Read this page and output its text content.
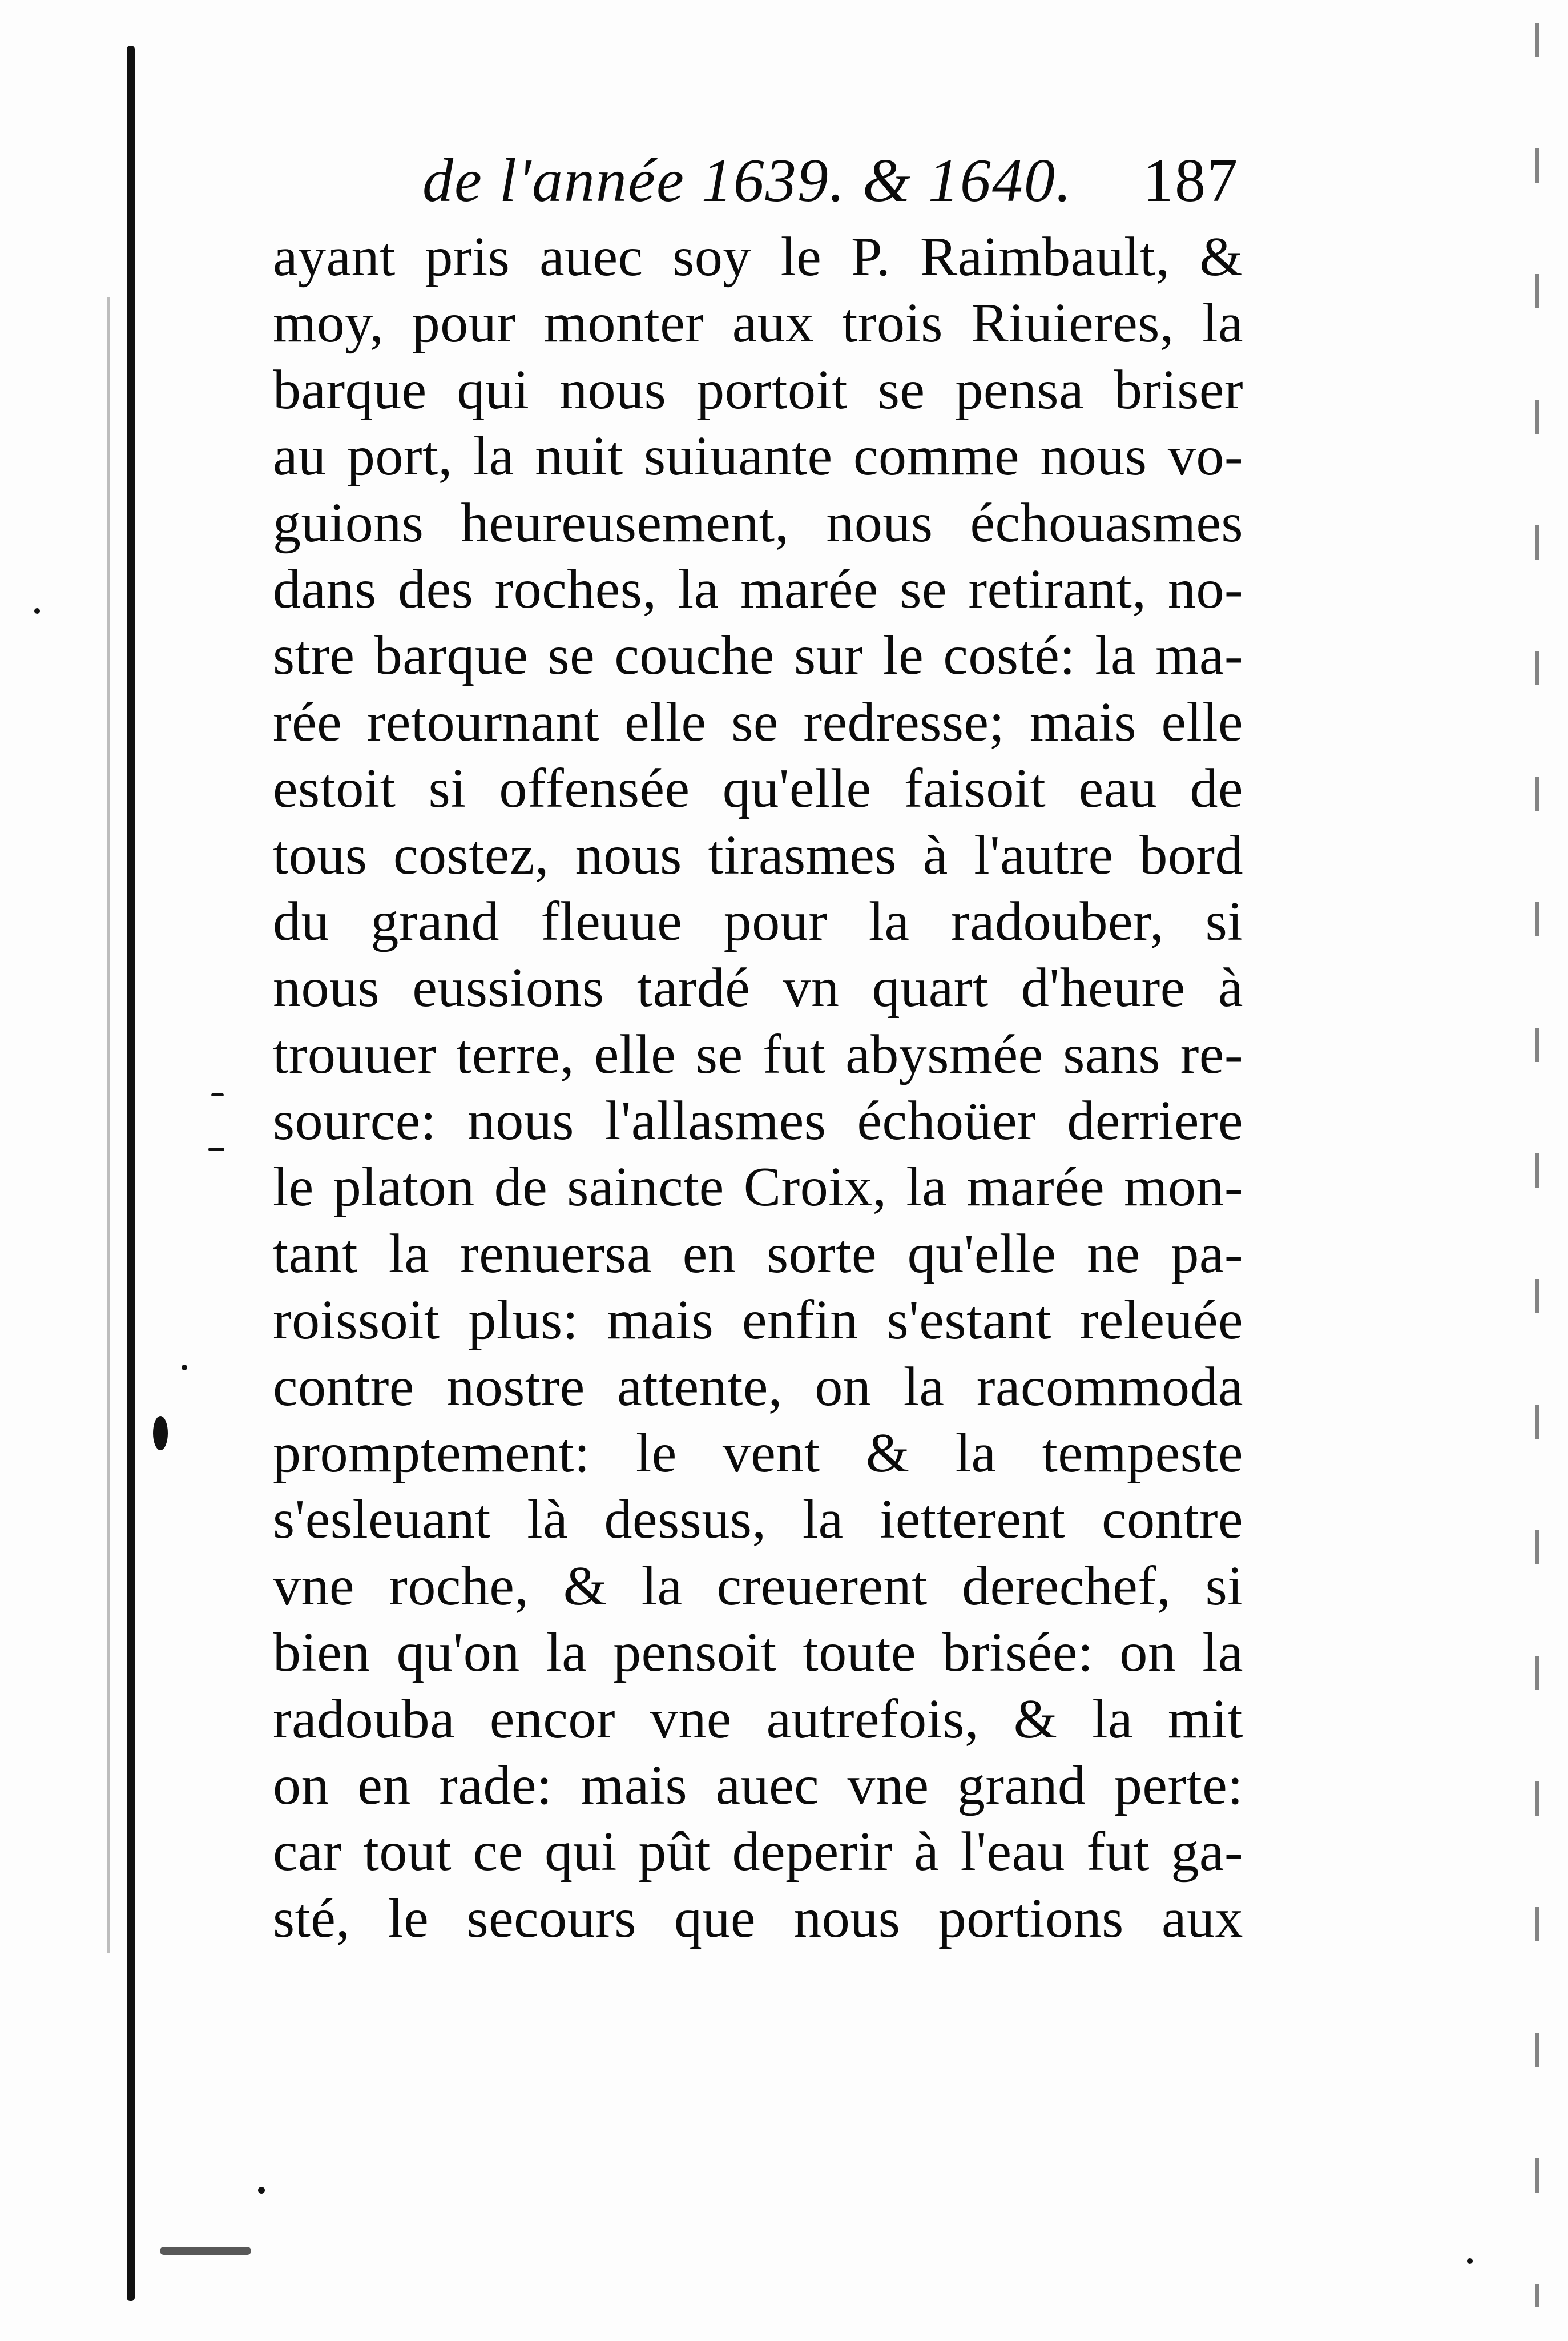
de l'année 1639. & 1640. 187
ayant pris auec soy le P. Raimbault, &
moy, pour monter aux trois Riuieres, la
barque qui nous portoit se pensa briser
au port, la nuit suiuante comme nous vo-
guions heureusement, nous échouasmes
dans des roches, la marée se retirant, no-
stre barque se couche sur le costé: la ma-
rée retournant elle se redresse; mais elle
estoit si offensée qu'elle faisoit eau de
tous costez, nous tirasmes à l'autre bord
du grand fleuue pour la radouber, si
nous eussions tardé vn quart d'heure à
trouuer terre, elle se fut abysmée sans re-
source: nous l'allasmes échoüer derriere
le platon de saincte Croix, la marée mon-
tant la renuersa en sorte qu'elle ne pa-
roissoit plus: mais enfin s'estant releuée
contre nostre attente, on la racommoda
promptement: le vent & la tempeste
s'esleuant là dessus, la ietterent contre
vne roche, & la creuerent derechef, si
bien qu'on la pensoit toute brisée: on la
radouba encor vne autrefois, & la mit
on en rade: mais auec vne grand perte:
car tout ce qui pût deperir à l'eau fut ga-
sté, le secours que nous portions aux
